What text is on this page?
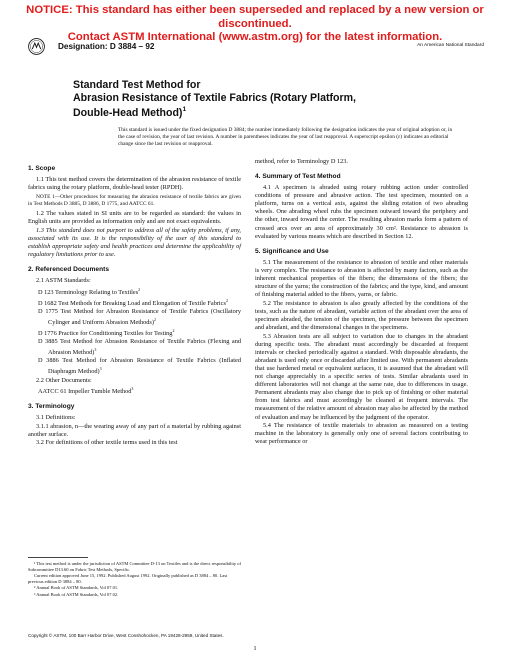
NOTICE: This standard has either been superseded and replaced by a new version or discontinued.
Contact ASTM International (www.astm.org) for the latest information.
Designation: D 3884 – 92	An American National Standard
Standard Test Method for
Abrasion Resistance of Textile Fabrics (Rotary Platform,
Double-Head Method)$^1$
This standard is issued under the fixed designation D 3884; the number immediately following the designation indicates the year of original adoption or, in the case of revision, the year of last revision. A number in parentheses indicates the year of last reapproval. A superscript epsilon (ε) indicates an editorial change since the last revision or reapproval.
1. Scope

1.1 This test method covers the determination of the abrasion resistance of textile fabrics using the rotary platform, double-head tester (RPDH).

NOTE 1—Other procedures for measuring the abrasion resistance of textile fabrics are given in Test Methods D 3885, D 3886, D 1775, and AATCC 61.

1.2 The values stated in SI units are to be regarded as standard: the values in English units are provided as information only and are not exact equivalents.

1.3 This standard does not purport to address all of the safety problems, if any, associated with its use. It is the responsibility of the user of this standard to establish appropriate safety and health practices and determine the applicability of regulatory limitations prior to use.

2. Referenced Documents

2.1 ASTM Standards:

D 123 Terminology Relating to Textiles$^2$
D 1682 Test Methods for Breaking Load and Elongation of Textile Fabrics$^2$
D 1775 Test Method for Abrasion Resistance of Textile Fabrics (Oscillatory Cylinger and Uniform Abrasion Methods)$^2$
D 1776 Practice for Conditioning Textiles for Testing$^2$
D 3885 Test Method for Abrasion Resistance of Textile Fabrics (Flexing and Abrasion Method)$^3$
D 3886 Test Method for Abrasion Resistance of Textile Fabrics (Inflated Diaphragm Method)$^3$

2.2 Other Documents:

AATCC 61 Impeller Tumble Method$^3$
3. Terminology

3.1 Definitions:

3.1.1 abrasion, n—the wearing away of any part of a material by rubbing against another surface.

3.2 For definitions of other textile terms used in this test

method, refer to Terminology D 123.
4. Summary of Test Method

4.1 A specimen is abraded using rotary rubbing action under controlled conditions of pressure and abrasive action. The test specimen, mounted on a platform, turns on a vertical axis, against the sliding rotation of two abrading wheels. One abrading wheel rubs the specimen outward toward the periphery and the other, inward toward the center. The resulting abrasion marks form a pattern of crossed arcs over an area of approximately 30 cm². Resistance to abrasion is evaluated by various means which are described in Section 12.

5. Significance and Use

5.1 The measurement of the resistance to abrasion of textile and other materials is very complex. The resistance to abrasion is affected by many factors, such as the inherent mechanical properties of the fibers; the dimensions of the fibers; the structure of the yarns; the construction of the fabrics; and the type, kind, and amount of finishing material added to the fibers, yarns, or fabric.

5.2 The resistance to abrasion is also greatly affected by the conditions of the tests, such as the nature of abradant, variable action of the abradant over the area of specimen abraded, the tension of the specimen, the pressure between the specimen and abradant, and the dimensional changes in the specimens.

5.3 Abrasion tests are all subject to variation due to changes in the abradant during specific tests. The abradant must accordingly be discarded at frequent intervals or checked periodically against a standard. With disposable abradants, the abradant is used only once or discarded after limited use. With permanent abradants that use hardened metal or equivalent surfaces, it is assumed that the abradant will not change appreciably in a specific series of tests. Similar abradants used in different laboratories will not change at the same rate, due to differences in usage. Permanent abradants may also change due to pick up of finishing or other material from test fabrics and must accordingly be cleaned at frequent intervals. The measurement of the relative amount of abrasion may also be affected by the method of evaluation and may be influenced by the judgment of the operator.

5.4 The resistance of textile materials to abrasion as measured on a testing machine in the laboratory is generally only one of several factors contributing to wear performance or

¹ This test method is under the jurisdiction of ASTM Committee D-13 on Textiles and is the direct responsibility of Subcommittee D13.60 on Fabric Test Methods, Specific.
Current edition approved June 15, 1992. Published August 1992. Originally published as D 3884 – 80. Last previous edition D 3884 – 80.
² Annual Book of ASTM Standards, Vol 07.01.
³ Annual Book of ASTM Standards, Vol 07.02.
Copyright © ASTM, 100 Barr Harbor Drive, West Conshohocken, PA 19428-2959, United States.
1
